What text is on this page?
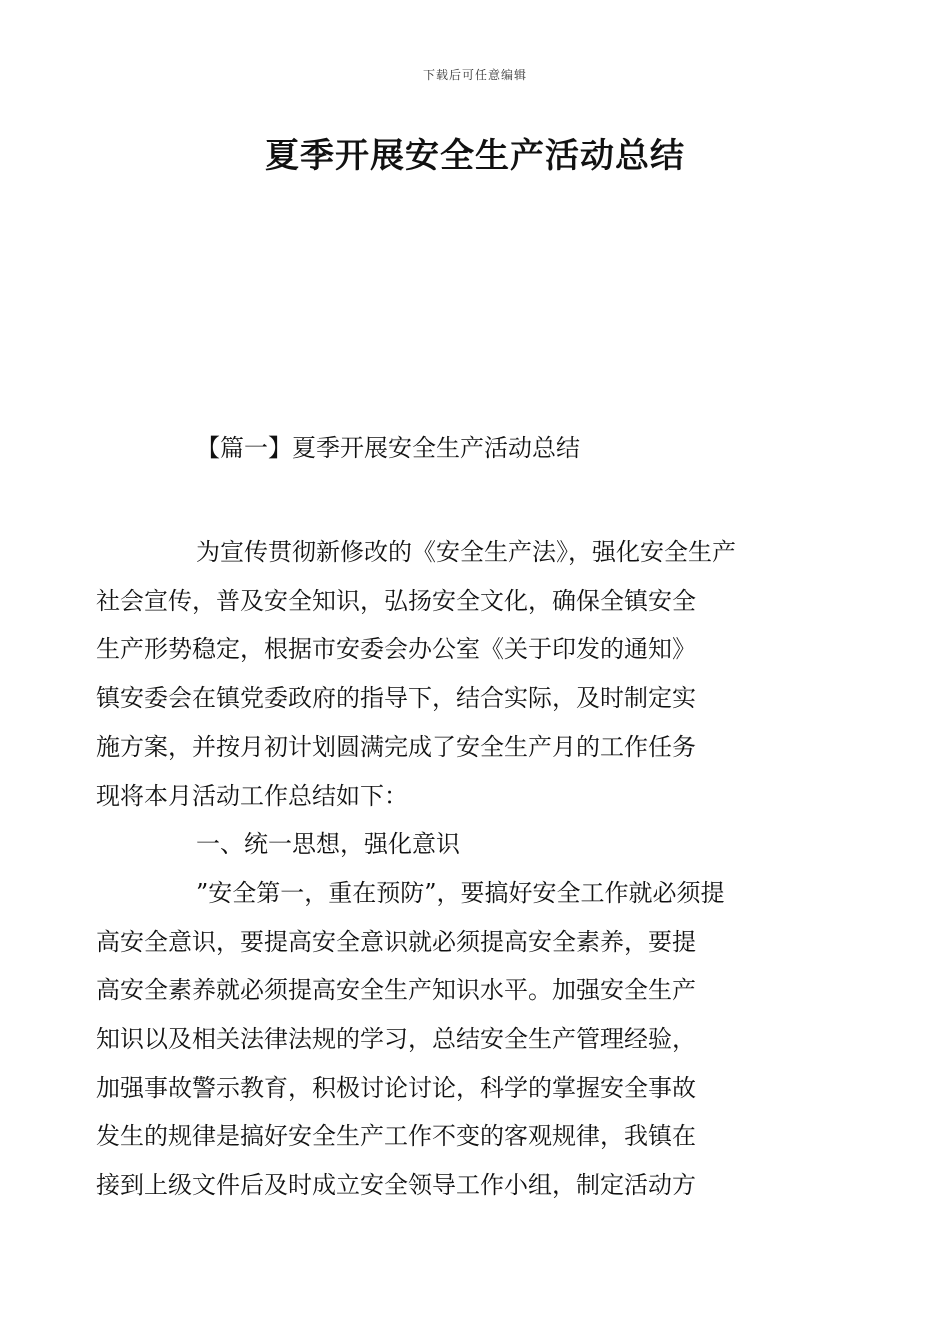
下载后可任意编辑
夏季开展安全生产活动总结
【篇一】夏季开展安全生产活动总结

为宣传贯彻新修改的《安全生产法》，强化安全生产
社会宣传，普及安全知识，弘扬安全文化，确保全镇安全
生产形势稳定，根据市安委会办公室《关于印发的通知》
镇安委会在镇党委政府的指导下，结合实际，及时制定实
施方案，并按月初计划圆满完成了安全生产月的工作任务
现将本月活动工作总结如下：

一、统一思想，强化意识

”安全第一，重在预防”，要搞好安全工作就必须提
高安全意识，要提高安全意识就必须提高安全素养，要提
高安全素养就必须提高安全生产知识水平。加强安全生产
知识以及相关法律法规的学习，总结安全生产管理经验，
加强事故警示教育，积极讨论讨论，科学的掌握安全事故
发生的规律是搞好安全生产工作不变的客观规律，我镇在
接到上级文件后及时成立安全领导工作小组，制定活动方
